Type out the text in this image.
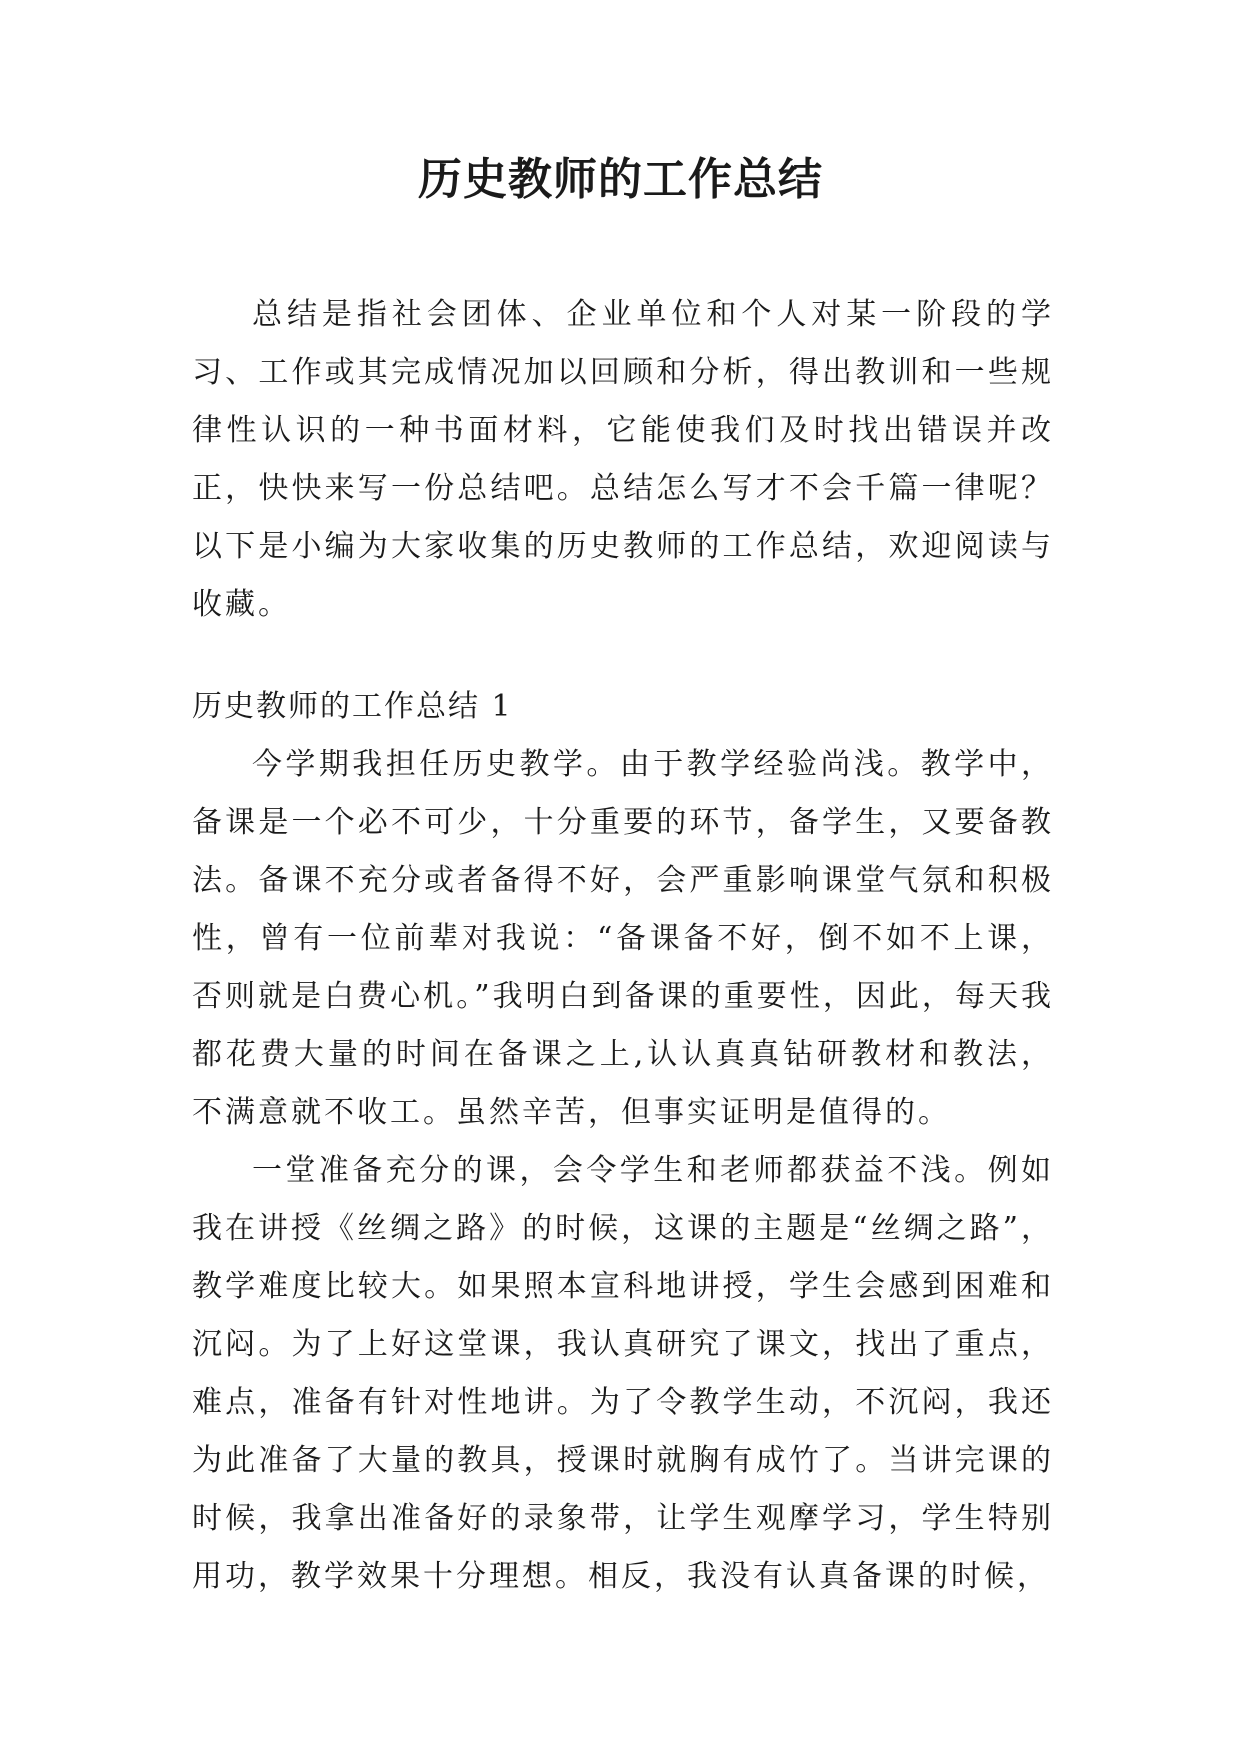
历史教师的工作总结

总结是指社会团体、企业单位和个人对某一阶段的学习、工作或其完成情况加以回顾和分析，得出教训和一些规律性认识的一种书面材料，它能使我们及时找出错误并改正，快快来写一份总结吧。总结怎么写才不会千篇一律呢？以下是小编为大家收集的历史教师的工作总结，欢迎阅读与收藏。

历史教师的工作总结 1

今学期我担任历史教学。由于教学经验尚浅。教学中，备课是一个必不可少，十分重要的环节，备学生，又要备教法。备课不充分或者备得不好，会严重影响课堂气氛和积极性，曾有一位前辈对我说：“备课备不好，倒不如不上课，否则就是白费心机。”我明白到备课的重要性，因此，每天我都花费大量的时间在备课之上,认认真真钻研教材和教法，不满意就不收工。虽然辛苦，但事实证明是值得的。

一堂准备充分的课，会令学生和老师都获益不浅。例如我在讲授《丝绸之路》的时候，这课的主题是“丝绸之路”，教学难度比较大。如果照本宣科地讲授，学生会感到困难和沉闷。为了上好这堂课，我认真研究了课文，找出了重点，难点，准备有针对性地讲。为了令教学生动，不沉闷，我还为此准备了大量的教具，授课时就胸有成竹了。当讲完课的时候，我拿出准备好的录象带，让学生观摩学习，学生特别用功，教学效果十分理想。相反，我没有认真备课的时候，
